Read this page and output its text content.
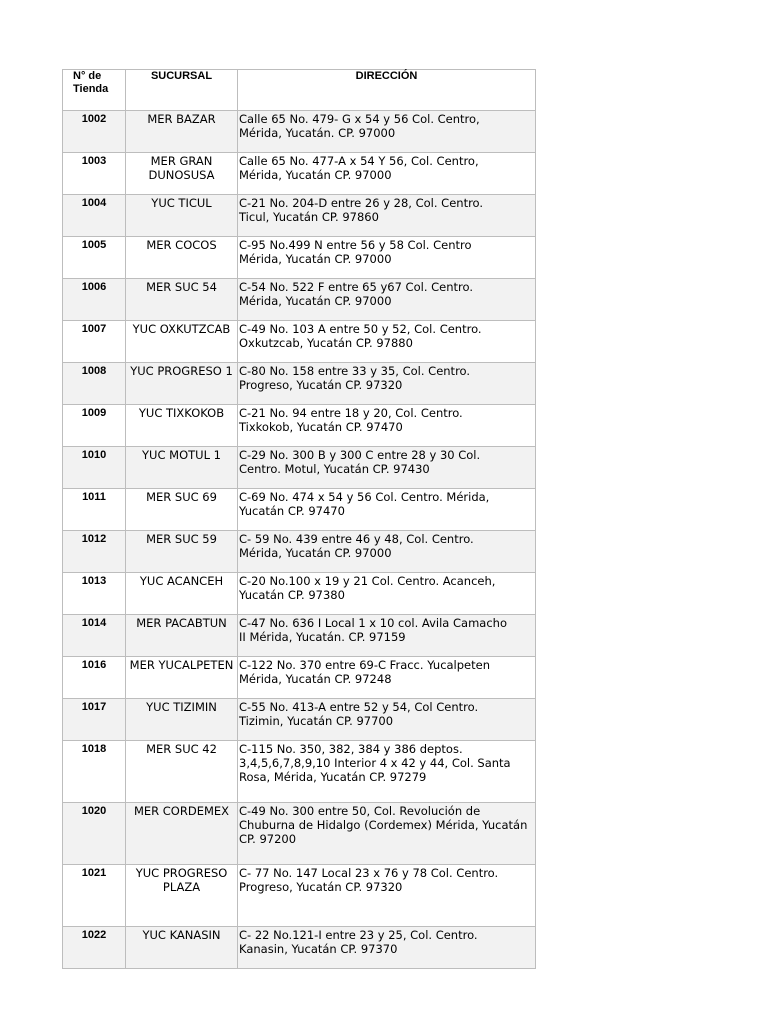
N° de Tienda	SUCURSAL	DIRECCIÓN
1002	MER BAZAR	Calle 65 No. 479- G x 54 y 56 Col. Centro,
Mérida, Yucatán. CP. 97000
1003	MER GRAN DUNOSUSA	Calle 65 No. 477-A x 54 Y 56, Col. Centro,
Mérida, Yucatán CP. 97000
1004	YUC TICUL	C-21 No. 204-D entre 26 y 28, Col. Centro.
Ticul, Yucatán CP. 97860
1005	MER COCOS	C-95 No.499 N entre 56 y 58 Col. Centro
Mérida, Yucatán CP. 97000
1006	MER SUC 54	C-54 No. 522 F entre 65 y67 Col. Centro.
Mérida, Yucatán CP. 97000
1007	YUC OXKUTZCAB	C-49 No. 103 A entre 50 y 52, Col. Centro.
Oxkutzcab, Yucatán CP. 97880
1008	YUC PROGRESO 1	C-80 No. 158 entre 33 y 35, Col. Centro.
Progreso, Yucatán CP. 97320
1009	YUC TIXKOKOB	C-21 No. 94 entre 18 y 20, Col. Centro.
Tixkokob, Yucatán CP. 97470
1010	YUC MOTUL 1	C-29 No. 300 B y 300 C entre 28 y 30 Col.
Centro. Motul, Yucatán CP. 97430
1011	MER SUC 69	C-69 No. 474 x 54 y 56 Col. Centro. Mérida,
Yucatán CP. 97470
1012	MER SUC 59	C- 59 No. 439 entre 46 y 48, Col. Centro.
Mérida, Yucatán CP. 97000
1013	YUC ACANCEH	C-20 No.100 x 19 y 21 Col. Centro. Acanceh,
Yucatán CP. 97380
1014	MER PACABTUN	C-47 No. 636 I Local 1 x 10 col. Avila Camacho
II Mérida, Yucatán. CP. 97159
1016	MER YUCALPETEN	C-122 No. 370 entre 69-C Fracc. Yucalpeten
Mérida, Yucatán CP. 97248
1017	YUC TIZIMIN	C-55 No. 413-A entre 52 y 54, Col Centro.
Tizimin, Yucatán CP. 97700
1018	MER SUC 42	C-115 No. 350, 382, 384 y 386 deptos.
3,4,5,6,7,8,9,10 Interior 4 x 42 y 44, Col. Santa
Rosa, Mérida, Yucatán CP. 97279
1020	MER CORDEMEX	C-49 No. 300 entre 50, Col. Revolución de
Chuburna de Hidalgo (Cordemex) Mérida, Yucatán
CP. 97200
1021	YUC PROGRESO PLAZA	C- 77 No. 147 Local 23 x 76 y 78 Col. Centro.
Progreso, Yucatán CP. 97320
1022	YUC KANASIN	C- 22 No.121-I entre 23 y 25, Col. Centro.
Kanasin, Yucatán CP. 97370
